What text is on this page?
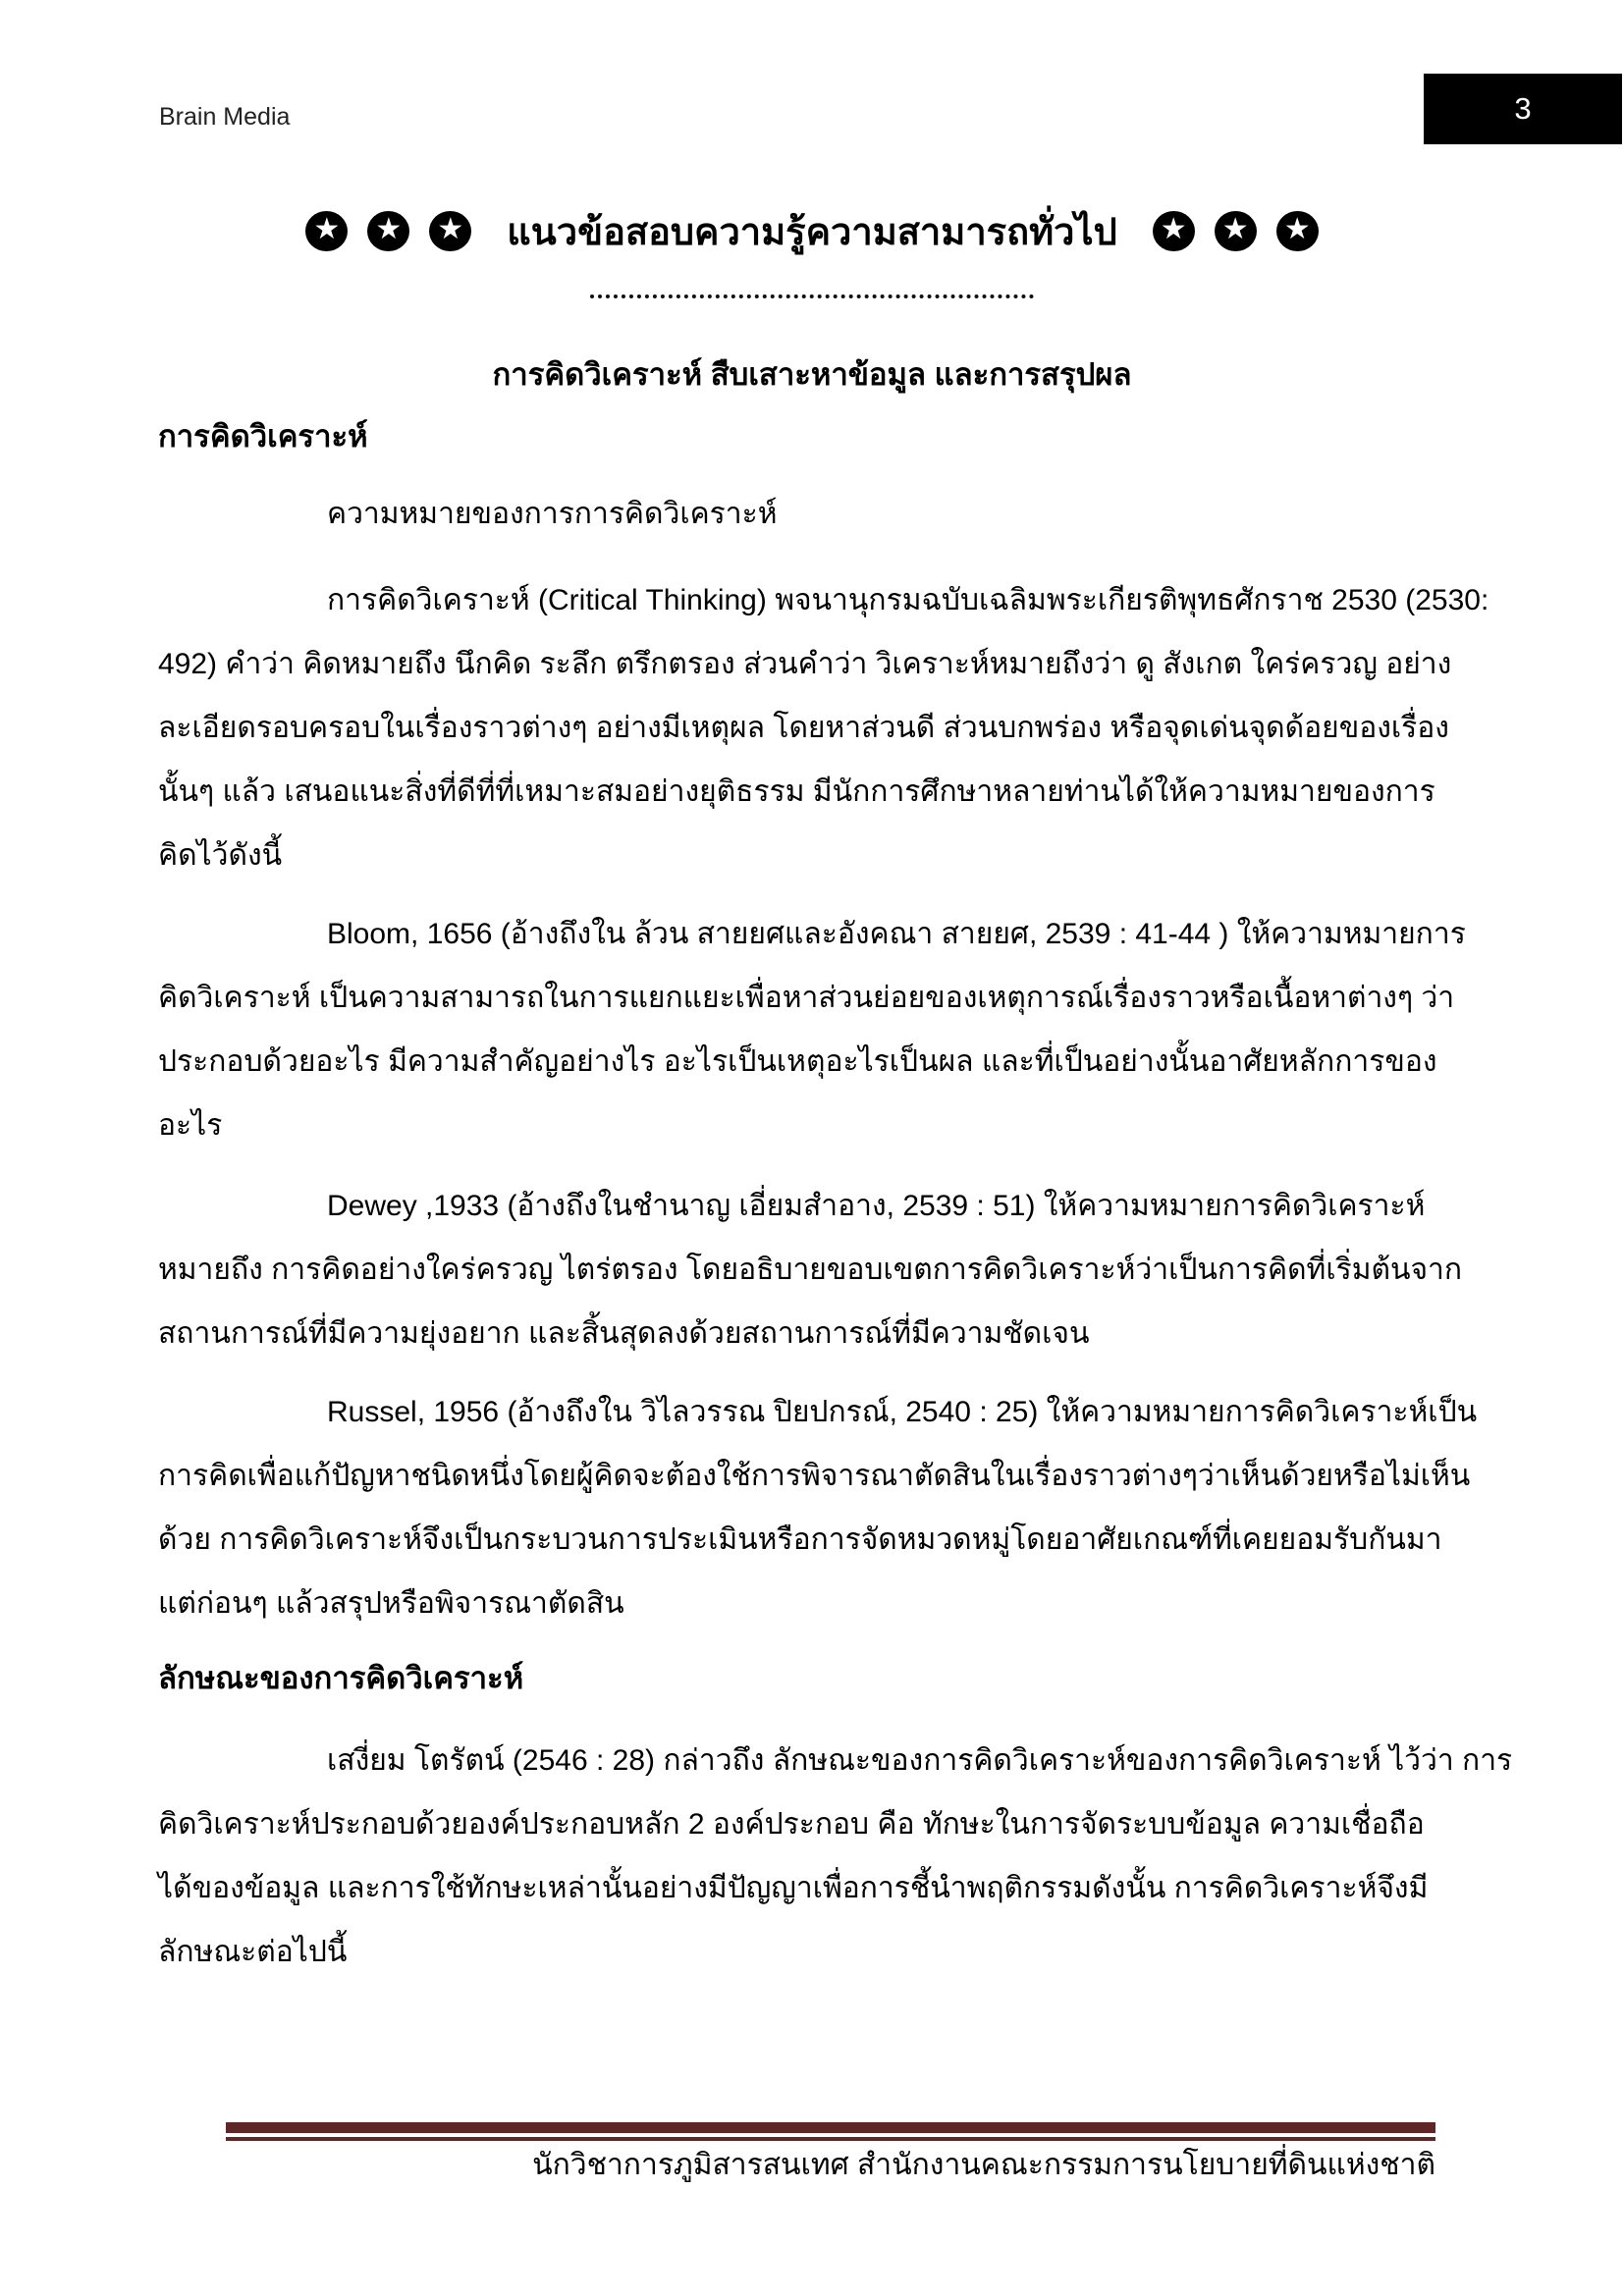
Brain Media	3
★ ★ ★ แนวข้อสอบความรู้ความสามารถทั่วไป ★ ★ ★
การคิดวิเคราะห์ สืบเสาะหาข้อมูล และการสรุปผล
การคิดวิเคราะห์
ความหมายของการการคิดวิเคราะห์
การคิดวิเคราะห์ (Critical Thinking) พจนานุกรมฉบับเฉลิมพระเกียรติพุทธศักราช 2530 (2530:
492) คำว่า คิดหมายถึง นึกคิด ระลึก ตรึกตรอง ส่วนคำว่า วิเคราะห์หมายถึงว่า ดู สังเกต ใคร่ครวญ อย่าง
ละเอียดรอบครอบในเรื่องราวต่างๆ อย่างมีเหตุผล โดยหาส่วนดี ส่วนบกพร่อง หรือจุดเด่นจุดด้อยของเรื่อง
นั้นๆ แล้ว เสนอแนะสิ่งที่ดีที่ที่เหมาะสมอย่างยุติธรรม มีนักการศึกษาหลายท่านได้ให้ความหมายของการ
คิดไว้ดังนี้
Bloom, 1656 (อ้างถึงใน ล้วน สายยศและอังคณา สายยศ, 2539 : 41-44 ) ให้ความหมายการ
คิดวิเคราะห์ เป็นความสามารถในการแยกแยะเพื่อหาส่วนย่อยของเหตุการณ์เรื่องราวหรือเนื้อหาต่างๆ ว่า
ประกอบด้วยอะไร มีความสำคัญอย่างไร อะไรเป็นเหตุอะไรเป็นผล และที่เป็นอย่างนั้นอาศัยหลักการของ
อะไร
Dewey ,1933 (อ้างถึงในชำนาญ เอี่ยมสำอาง, 2539 : 51) ให้ความหมายการคิดวิเคราะห์
หมายถึง การคิดอย่างใคร่ครวญ ไตร่ตรอง โดยอธิบายขอบเขตการคิดวิเคราะห์ว่าเป็นการคิดที่เริ่มต้นจาก
สถานการณ์ที่มีความยุ่งอยาก และสิ้นสุดลงด้วยสถานการณ์ที่มีความชัดเจน
Russel, 1956 (อ้างถึงใน วิไลวรรณ ปิยปกรณ์, 2540 : 25) ให้ความหมายการคิดวิเคราะห์เป็น
การคิดเพื่อแก้ปัญหาชนิดหนึ่งโดยผู้คิดจะต้องใช้การพิจารณาตัดสินในเรื่องราวต่างๆว่าเห็นด้วยหรือไม่เห็น
ด้วย การคิดวิเคราะห์จึงเป็นกระบวนการประเมินหรือการจัดหมวดหมู่โดยอาศัยเกณฑ์ที่เคยยอมรับกันมา
แต่ก่อนๆ แล้วสรุปหรือพิจารณาตัดสิน
ลักษณะของการคิดวิเคราะห์
เสงี่ยม โตรัตน์ (2546 : 28) กล่าวถึง ลักษณะของการคิดวิเคราะห์ของการคิดวิเคราะห์ ไว้ว่า การ
คิดวิเคราะห์ประกอบด้วยองค์ประกอบหลัก 2 องค์ประกอบ คือ ทักษะในการจัดระบบข้อมูล ความเชื่อถือ
ได้ของข้อมูล และการใช้ทักษะเหล่านั้นอย่างมีปัญญาเพื่อการชี้นำพฤติกรรมดังนั้น การคิดวิเคราะห์จึงมี
ลักษณะต่อไปนี้
นักวิชาการภูมิสารสนเทศ สำนักงานคณะกรรมการนโยบายที่ดินแห่งชาติ
